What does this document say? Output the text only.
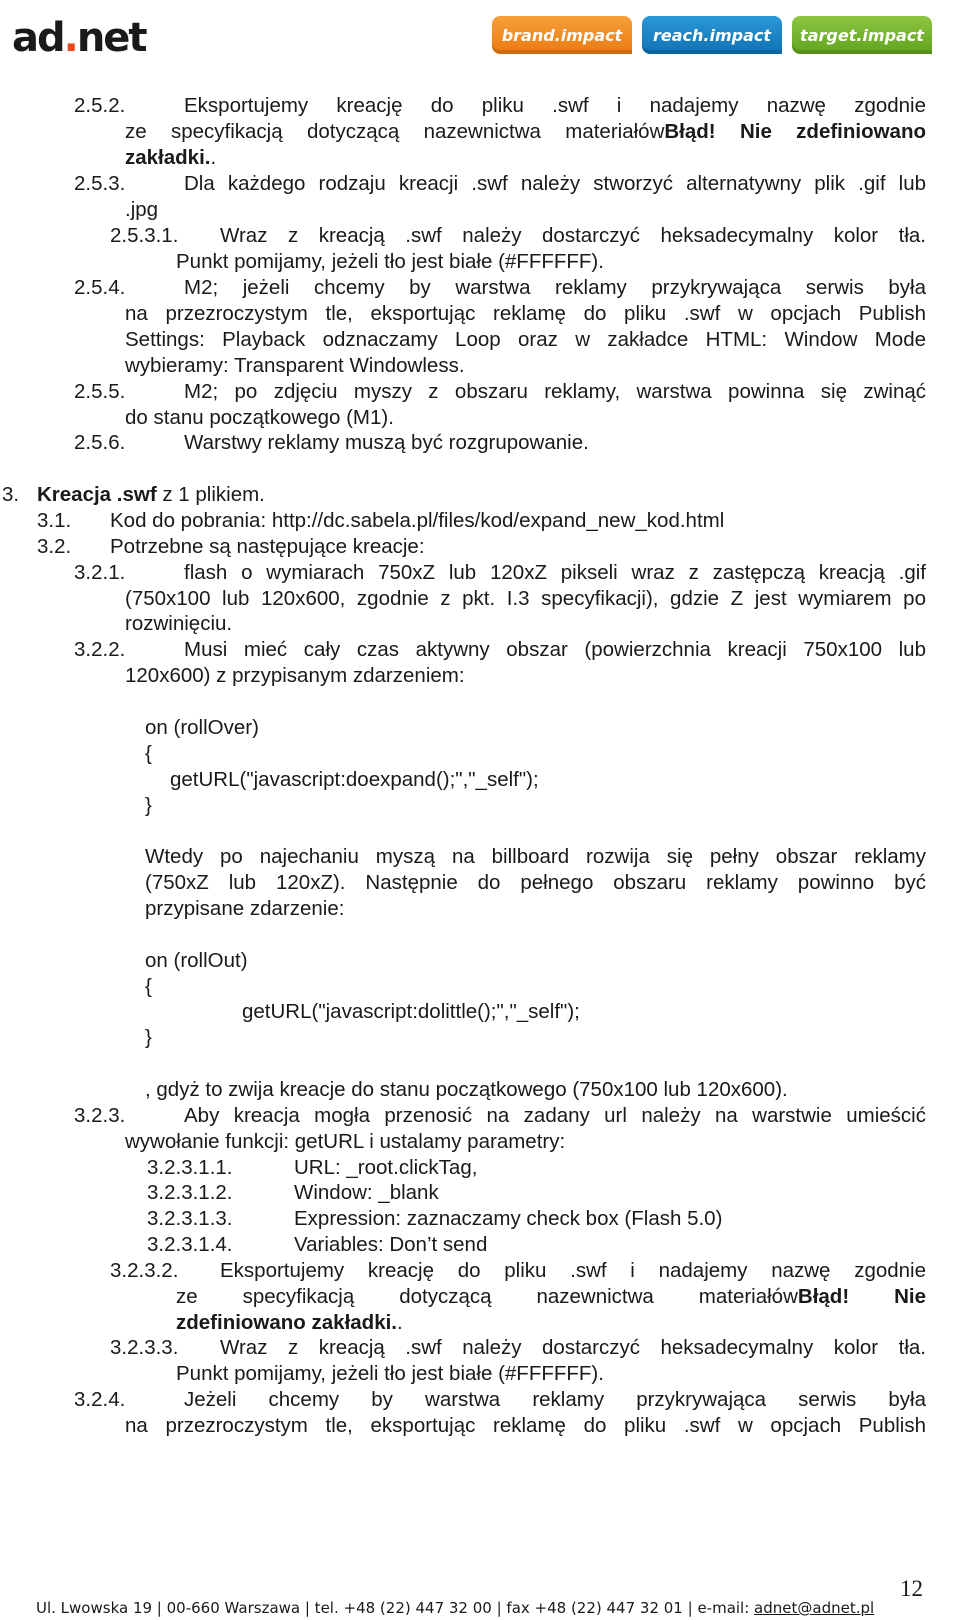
ad . net	brand.impact	reach.impact	target.impact
2.5.2.	Eksportujemy kreację do pliku .swf i nadajemy nazwę zgodnie
ze specyfikacją dotyczącą nazewnictwa materiałówBłąd! Nie zdefiniowano
zakładki..
2.5.3.	Dla każdego rodzaju kreacji .swf należy stworzyć alternatywny plik .gif lub
.jpg
2.5.3.1. Wraz z kreacją .swf należy dostarczyć heksadecymalny kolor tła.
Punkt pomijamy, jeżeli tło jest białe (#FFFFFF).
2.5.4.	M2; jeżeli chcemy by warstwa reklamy przykrywająca serwis była
na przezroczystym tle, eksportując reklamę do pliku .swf w opcjach Publish
Settings: Playback odznaczamy Loop oraz w zakładce HTML: Window Mode
wybieramy: Transparent Windowless.
2.5.5.	M2; po zdjęciu myszy z obszaru reklamy, warstwa powinna się zwinąć
do stanu początkowego (M1).
2.5.6.	Warstwy reklamy muszą być rozgrupowanie.
3. Kreacja .swf z 1 plikiem.
3.1. Kod do pobrania: http://dc.sabela.pl/files/kod/expand_new_kod.html
3.2. Potrzebne są następujące kreacje:
3.2.1.	flash o wymiarach 750xZ lub 120xZ pikseli wraz z zastępczą kreacją .gif
(750x100 lub 120x600, zgodnie z pkt. I.3 specyfikacji), gdzie Z jest wymiarem po
rozwinięciu.
3.2.2.	Musi mieć cały czas aktywny obszar (powierzchnia kreacji 750x100 lub
120x600) z przypisanym zdarzeniem:
on (rollOver)
{
getURL("javascript:doexpand();","_self");
}
Wtedy po najechaniu myszą na billboard rozwija się pełny obszar reklamy
(750xZ lub 120xZ). Następnie do pełnego obszaru reklamy powinno być
przypisane zdarzenie:
on (rollOut)
{
getURL("javascript:dolittle();","_self");
}
, gdyż to zwija kreacje do stanu początkowego (750x100 lub 120x600).
3.2.3.	Aby kreacja mogła przenosić na zadany url należy na warstwie umieścić
wywołanie funkcji: getURL i ustalamy parametry:
3.2.3.1.1.	URL: _root.clickTag,
3.2.3.1.2.	Window: _blank
3.2.3.1.3.	Expression: zaznaczamy check box (Flash 5.0)
3.2.3.1.4.	Variables: Don’t send
3.2.3.2. Eksportujemy kreację do pliku .swf i nadajemy nazwę zgodnie
ze specyfikacją dotyczącą nazewnictwa materiałówBłąd! Nie
zdefiniowano zakładki..
3.2.3.3. Wraz z kreacją .swf należy dostarczyć heksadecymalny kolor tła.
Punkt pomijamy, jeżeli tło jest białe (#FFFFFF).
3.2.4.	Jeżeli chcemy by warstwa reklamy przykrywająca serwis była
na przezroczystym tle, eksportując reklamę do pliku .swf w opcjach Publish
12
Ul. Lwowska 19 | 00-660 Warszawa | tel. +48 (22) 447 32 00 | fax +48 (22) 447 32 01 | e-mail: adnet@adnet.pl
